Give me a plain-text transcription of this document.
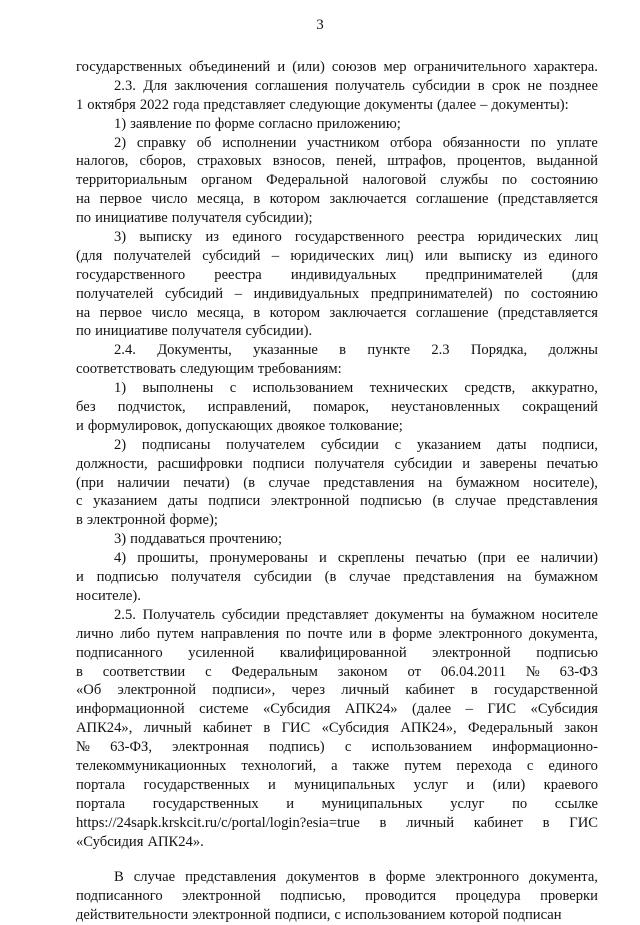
3
государственных объединений и (или) союзов мер ограничительного характера.
2.3. Для заключения соглашения получатель субсидии в срок не позднее
1 октября 2022 года представляет следующие документы (далее – документы):
1) заявление по форме согласно приложению;
2) справку об исполнении участником отбора обязанности по уплате
налогов, сборов, страховых взносов, пеней, штрафов, процентов, выданной
территориальным органом Федеральной налоговой службы по состоянию
на первое число месяца, в котором заключается соглашение (представляется
по инициативе получателя субсидии);
3) выписку из единого государственного реестра юридических лиц
(для получателей субсидий – юридических лиц) или выписку из единого
государственного реестра индивидуальных предпринимателей (для
получателей субсидий – индивидуальных предпринимателей) по состоянию
на первое число месяца, в котором заключается соглашение (представляется
по инициативе получателя субсидии).
2.4. Документы, указанные в пункте 2.3 Порядка, должны
соответствовать следующим требованиям:
1) выполнены с использованием технических средств, аккуратно,
без подчисток, исправлений, помарок, неустановленных сокращений
и формулировок, допускающих двоякое толкование;
2) подписаны получателем субсидии с указанием даты подписи,
должности, расшифровки подписи получателя субсидии и заверены печатью
(при наличии печати) (в случае представления на бумажном носителе),
с указанием даты подписи электронной подписью (в случае представления
в электронной форме);
3) поддаваться прочтению;
4) прошиты, пронумерованы и скреплены печатью (при ее наличии)
и подписью получателя субсидии (в случае представления на бумажном
носителе).
2.5. Получатель субсидии представляет документы на бумажном носителе
лично либо путем направления по почте или в форме электронного документа,
подписанного усиленной квалифицированной электронной подписью
в соответствии с Федеральным законом от 06.04.2011 № 63-ФЗ
«Об электронной подписи», через личный кабинет в государственной
информационной системе «Субсидия АПК24» (далее – ГИС «Субсидия
АПК24», личный кабинет в ГИС «Субсидия АПК24», Федеральный закон
№ 63-ФЗ, электронная подпись) с использованием информационно-
телекоммуникационных технологий, а также путем перехода с единого
портала государственных и муниципальных услуг и (или) краевого
портала государственных и муниципальных услуг по ссылке
https://24sapk.krskcit.ru/c/portal/login?esia=true в личный кабинет в ГИС
«Субсидия АПК24».
В случае представления документов в форме электронного документа,
подписанного электронной подписью, проводится процедура проверки
действительности электронной подписи, с использованием которой подписан
